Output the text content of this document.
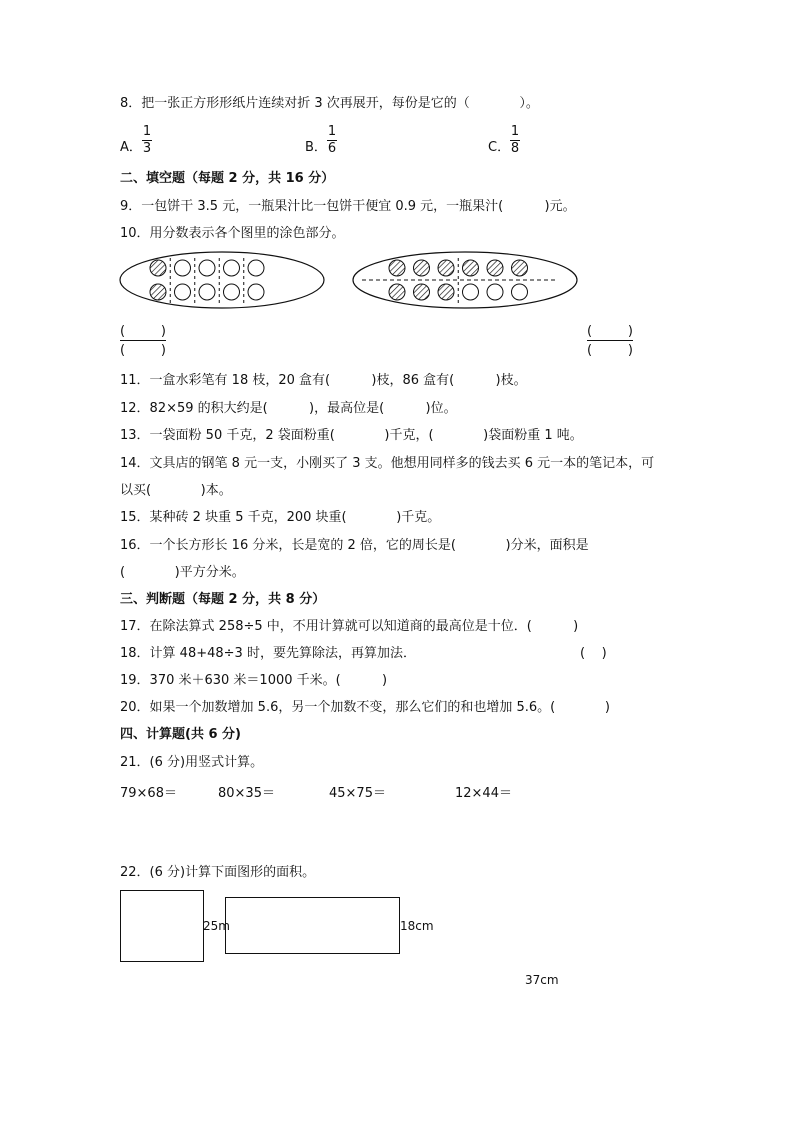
8．把一张正方形形纸片连续对折 3 次再展开，每份是它的（            ）。
A．
1
3	B．
1
6	C．
1
8
二、填空题（每题 2 分，共 16 分）
9．一包饼干 3.5 元，一瓶果汁比一包饼干便宜 0.9 元，一瓶果汁(          )元。
10．用分数表示各个图里的涂色部分。
(	)
(	)
(	)
(	)
11．一盒水彩笔有 18 枝，20 盒有(          )枝，86 盒有(          )枝。
12．82×59 的积大约是(          )，最高位是(          )位。
13．一袋面粉 50 千克，2 袋面粉重(            )千克，(            )袋面粉重 1 吨。
14．文具店的钢笔 8 元一支，小刚买了 3 支。他想用同样多的钱去买 6 元一本的笔记本，可
以买(            )本。
15．某种砖 2 块重 5 千克，200 块重(            )千克。
16．一个长方形长 16 分米，长是宽的 2 倍，它的周长是(            )分米，面积是
(            )平方分米。
三、判断题（每题 2 分，共 8 分）
17．在除法算式 258÷5 中，不用计算就可以知道商的最高位是十位．(          )
18．计算 48+48÷3 时，要先算除法，再算加法．	(    )
19．370 米＋630 米＝1000 千米。(          )
20．如果一个加数增加 5.6，另一个加数不变，那么它们的和也增加 5.6。(            )
四、计算题(共 6 分)
21．(6 分)用竖式计算。
79×68＝	80×35＝	45×75＝	12×44＝
22．(6 分)计算下面图形的面积。
25m	18cm
37cm
